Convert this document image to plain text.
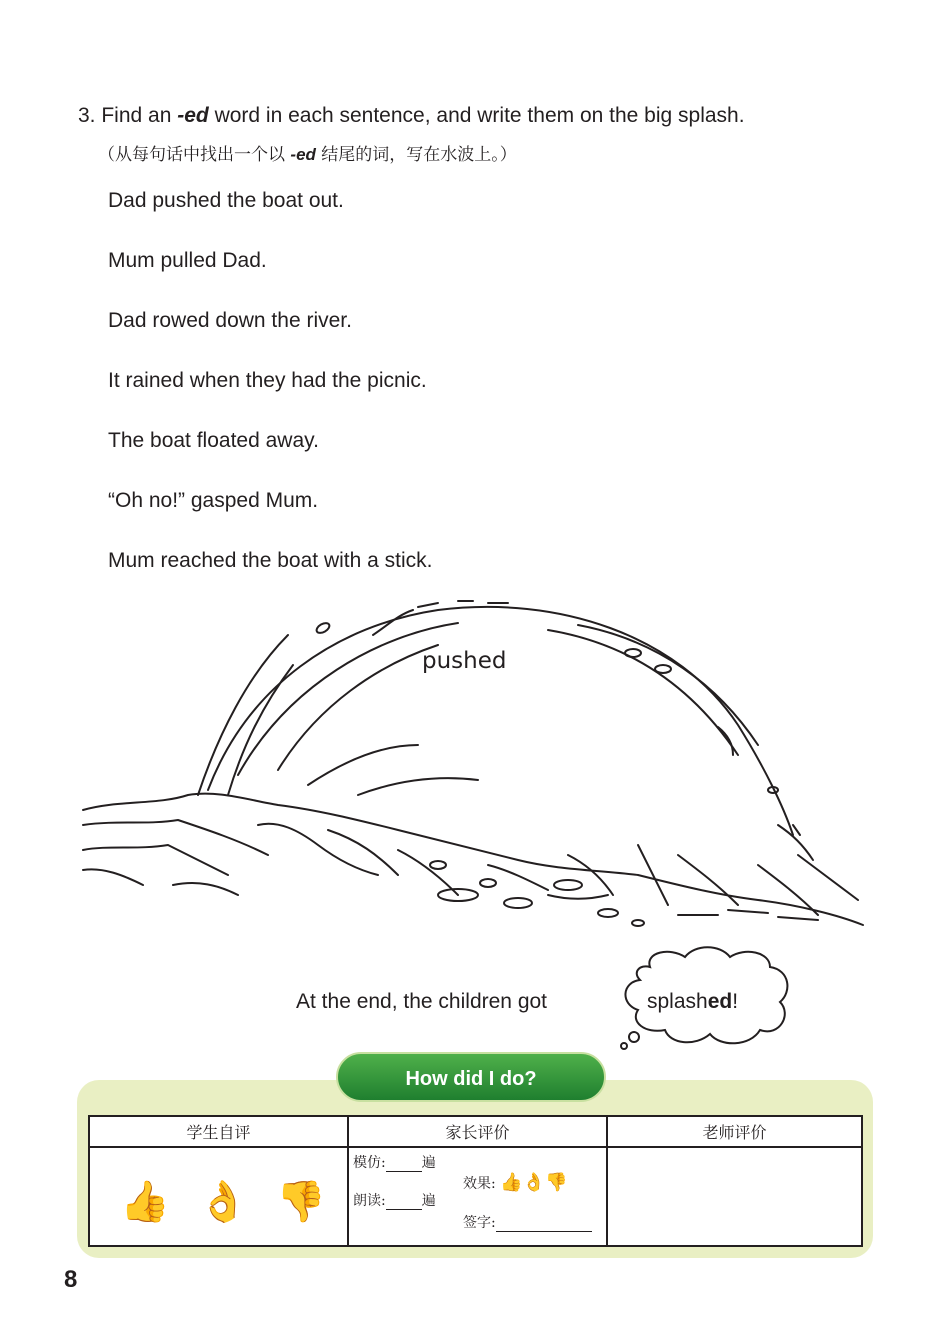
3. Find an -ed word in each sentence, and write them on the big splash.
（从每句话中找出一个以 -ed 结尾的词，写在水波上。）
Dad pushed the boat out.
Mum pulled Dad.
Dad rowed down the river.
It rained when they had the picnic.
The boat floated away.
“Oh no!” gasped Mum.
Mum reached the boat with a stick.
pushed
At the end, the children got	splashed!
How did I do?
学生自评	家长评价	老师评价

👍 👌 👎	模仿: 遍
朗读: 遍
效果: 👍👌👎
签字:	

8
